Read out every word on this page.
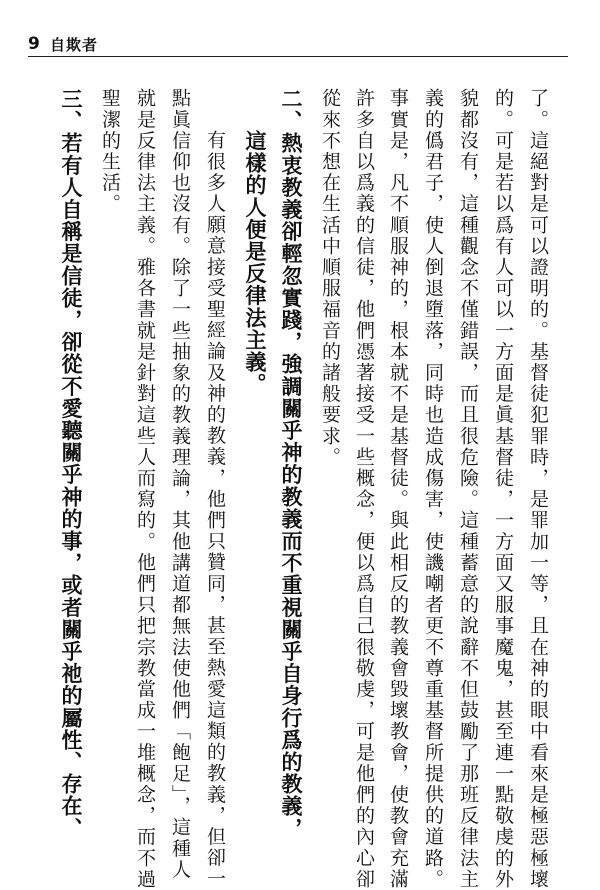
9 自欺者
了。這絕對是可以證明的。基督徒犯罪時，是罪加一等，且在神的眼中看來是極惡極壞
的。可是若以爲有人可以一方面是眞基督徒，一方面又服事魔鬼，甚至連一點敬虔的外
貌都沒有，這種觀念不僅錯誤，而且很危險。這種蓄意的說辭不但鼓勵了那班反律法主
義的僞君子，使人倒退墮落，同時也造成傷害，使譏嘲者更不尊重基督所提供的道路。
事實是，凡不順服神的，根本就不是基督徒。與此相反的教義會毀壞教會，使教會充滿
許多自以爲義的信徒，他們憑著接受一些概念，便以爲自己很敬虔，可是他們的內心卻
從來不想在生活中順服福音的諸般要求。
二、熱衷教義卻輕忽實踐，強調關乎神的教義而不重視關乎自身行爲的教義，
這樣的人便是反律法主義。
有很多人願意接受聖經論及神的教義，他們只贊同，甚至熱愛這類的教義，但卻一
點眞信仰也沒有。除了一些抽象的教義理論，其他講道都無法使他們「飽足」，這種人
就是反律法主義。雅各書就是針對這些人而寫的。他們只把宗教當成一堆概念，而不過
聖潔的生活。
三、若有人自稱是信徒，卻從不愛聽關乎神的事，或者關乎祂的屬性、存在、
